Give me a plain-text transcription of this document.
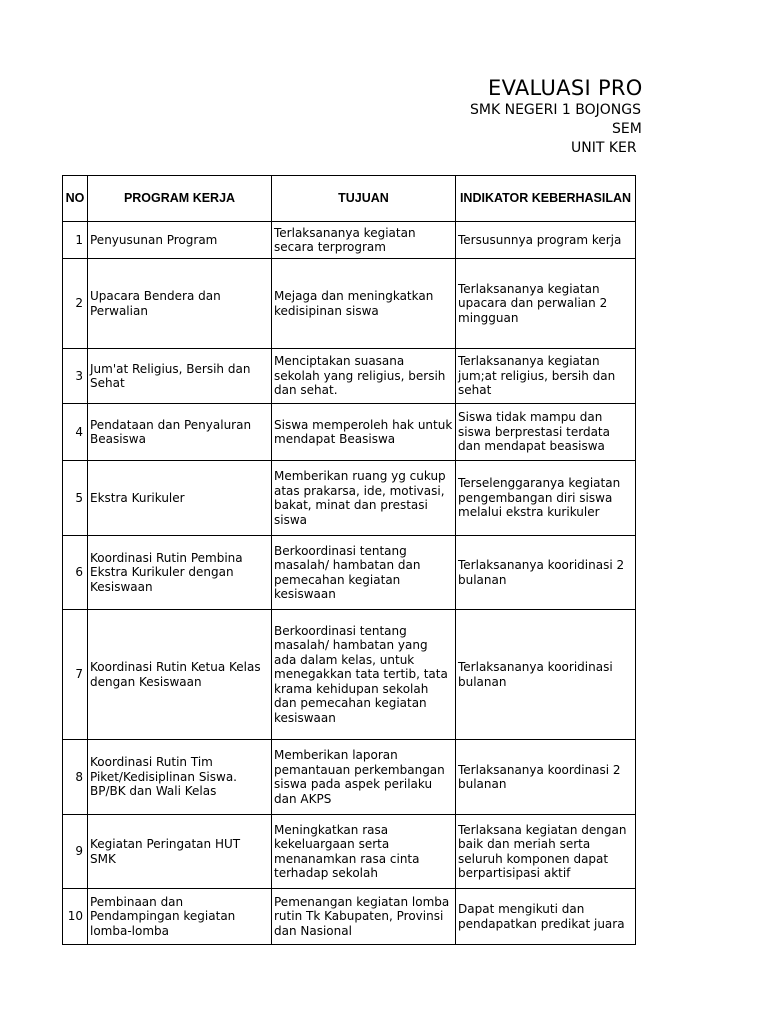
EVALUASI PRO
SMK NEGERI 1 BOJONGS
SEM
UNIT KER
NO	PROGRAM KERJA	TUJUAN	INDIKATOR KEBERHASILAN
1	Penyusunan Program	Terlaksananya kegiatan secara terprogram	Tersusunnya program kerja
2	Upacara Bendera dan Perwalian	Mejaga dan meningkatkan kedisipinan siswa	Terlaksananya kegiatan upacara dan perwalian 2 mingguan
3	Jum'at Religius, Bersih dan Sehat	Menciptakan suasana sekolah yang religius, bersih dan sehat.	Terlaksananya kegiatan jum;at religius, bersih dan sehat
4	Pendataan dan Penyaluran Beasiswa	Siswa memperoleh hak untuk mendapat Beasiswa	Siswa tidak mampu dan siswa berprestasi terdata dan mendapat beasiswa
5	Ekstra Kurikuler	Memberikan ruang yg cukup atas prakarsa, ide, motivasi, bakat, minat dan prestasi siswa	Terselenggaranya kegiatan pengembangan diri siswa melalui ekstra kurikuler
6	Koordinasi Rutin Pembina Ekstra Kurikuler dengan Kesiswaan	Berkoordinasi tentang masalah/ hambatan dan pemecahan kegiatan kesiswaan	Terlaksananya kooridinasi 2 bulanan
7	Koordinasi Rutin Ketua Kelas dengan Kesiswaan	Berkoordinasi tentang masalah/ hambatan yang ada dalam kelas, untuk menegakkan tata tertib, tata krama kehidupan sekolah dan pemecahan kegiatan kesiswaan	Terlaksananya kooridinasi bulanan
8	Koordinasi Rutin Tim Piket/Kedisiplinan Siswa. BP/BK dan Wali Kelas	Memberikan laporan pemantauan perkembangan siswa pada aspek perilaku dan AKPS	Terlaksananya koordinasi 2 bulanan
9	Kegiatan Peringatan HUT SMK	Meningkatkan rasa kekeluargaan serta menanamkan rasa cinta terhadap sekolah	Terlaksana kegiatan dengan baik dan meriah serta seluruh komponen dapat berpartisipasi aktif
10	Pembinaan dan Pendampingan kegiatan lomba-lomba	Pemenangan kegiatan lomba rutin Tk Kabupaten, Provinsi dan Nasional	Dapat mengikuti dan pendapatkan predikat juara
